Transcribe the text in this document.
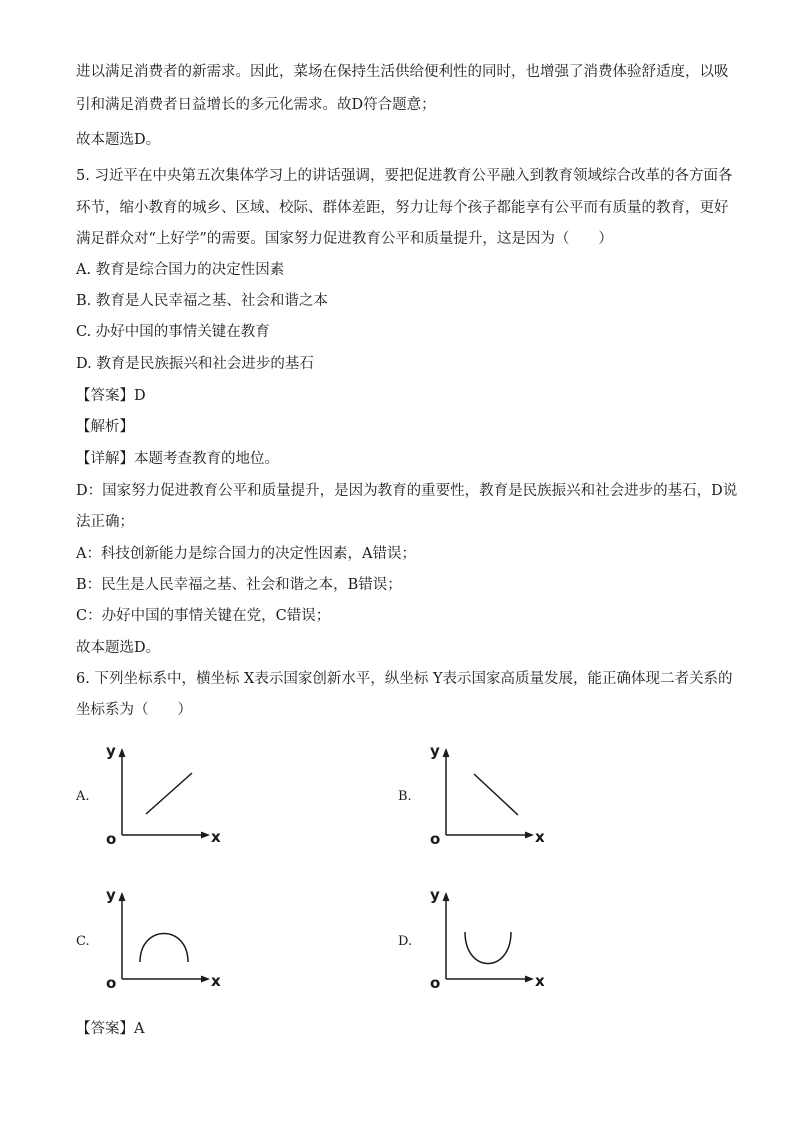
进以满足消费者的新需求。因此，菜场在保持生活供给便利性的同时，也增强了消费体验舒适度，以吸
引和满足消费者日益增长的多元化需求。故D符合题意；
故本题选D。
5. 习近平在中央第五次集体学习上的讲话强调，要把促进教育公平融入到教育领域综合改革的各方面各
环节，缩小教育的城乡、区域、校际、群体差距，努力让每个孩子都能享有公平而有质量的教育，更好
满足群众对“上好学”的需要。国家努力促进教育公平和质量提升，这是因为（　　）
A. 教育是综合国力的决定性因素
B. 教育是人民幸福之基、社会和谐之本
C. 办好中国的事情关键在教育
D. 教育是民族振兴和社会进步的基石
【答案】D
【解析】
【详解】本题考查教育的地位。
D：国家努力促进教育公平和质量提升，是因为教育的重要性，教育是民族振兴和社会进步的基石，D说
法正确；
A：科技创新能力是综合国力的决定性因素，A错误；
B：民生是人民幸福之基、社会和谐之本，B错误；
C：办好中国的事情关键在党，C错误；
故本题选D。
6. 下列坐标系中，横坐标 X表示国家创新水平，纵坐标 Y表示国家高质量发展，能正确体现二者关系的
坐标系为（　　）
A.
y
o	x
B.
y
o	x
C.
y
o	x
D.
y
o	x
【答案】A
